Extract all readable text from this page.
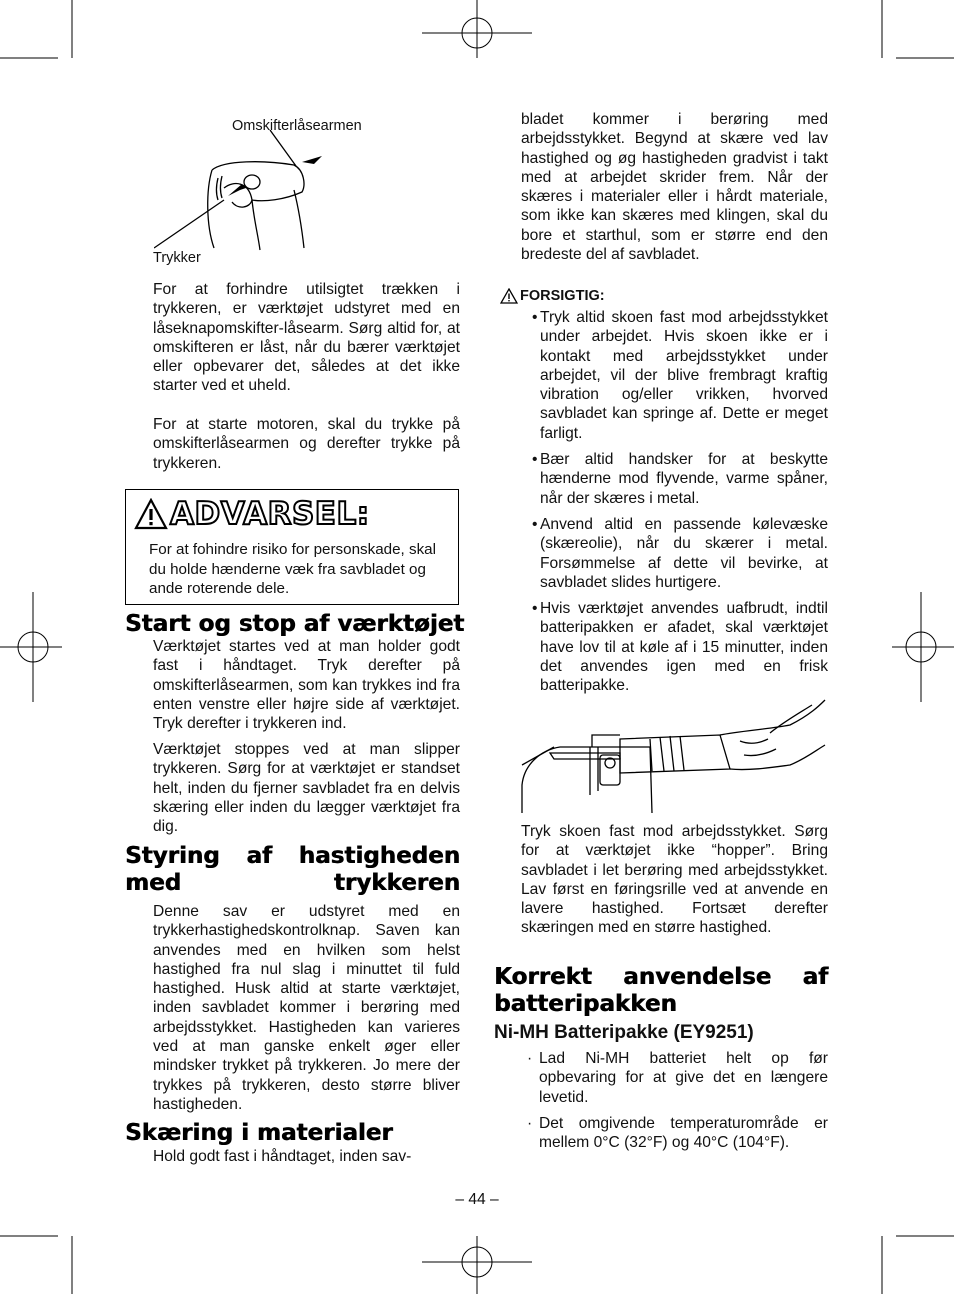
Omskifterlåsearmen
Trykker

For at forhindre utilsigtet trækken i trykkeren, er værktøjet udstyret med en låseknapomskifter-låsearm. Sørg altid for, at omskifteren er låst, når du bærer værktøjet eller opbevarer det, således at det ikke starter ved et uheld.

For at starte motoren, skal du trykke på omskifterlåsearmen og derefter trykke på trykkeren.

ADVARSEL:
For at fohindre risiko for personskade, skal du holde hænderne væk fra savbladet og ande roterende dele.
Start og stop af værktøjet

Værktøjet startes ved at man holder godt fast i håndtaget. Tryk derefter på omskifterlåsearmen, som kan trykkes ind fra enten venstre eller højre side af værktøjet. Tryk derefter i trykkeren ind.

Værktøjet stoppes ved at man slipper trykkeren. Sørg for at værktøjet er standset helt, inden du fjerner savbladet fra en delvis skæring eller inden du lægger værktøjet fra dig.

Styring af hastigheden med trykkeren

Denne sav er udstyret med en trykkerhastighedskontrolknap. Saven kan anvendes med en hvilken som helst hastighed fra nul slag i minuttet til fuld hastighed. Husk altid at starte værktøjet, inden savbladet kommer i berøring med arbejdsstykket. Hastigheden kan varieres ved at man ganske enkelt øger eller mindsker trykket på trykkeren. Jo mere der trykkes på trykkeren, desto større bliver hastigheden.

Skæring i materialer

Hold godt fast i håndtaget, inden sav-

bladet kommer i berøring med arbejdsstykket. Begynd at skære ved lav hastighed og øg hastigheden gradvist i takt med at arbejdet skrider frem. Når der skæres i materialer eller i hårdt materiale, som ikke kan skæres med klingen, skal du bore et starthul, som er større end den bredeste del af savbladet.

FORSIGTIG:
• Tryk altid skoen fast mod arbejdsstykket under arbejdet. Hvis skoen ikke er i kontakt med arbejdsstykket under arbejdet, vil der blive frembragt kraftig vibration og/eller vrikken, hvorved savbladet kan springe af. Dette er meget farligt.
• Bær altid handsker for at beskytte hænderne mod flyvende, varme spåner, når der skæres i metal.
• Anvend altid en passende kølevæske (skæreolie), når du skærer i metal. Forsømmelse af dette vil bevirke, at savbladet slides hurtigere.
• Hvis værktøjet anvendes uafbrudt, indtil batteripakken er afadet, skal værktøjet have lov til at køle af i 15 minutter, inden det anvendes igen med en frisk batteripakke.

Tryk skoen fast mod arbejdsstykket. Sørg for at værktøjet ikke “hopper”. Bring savbladet i let berøring med arbejdsstykket. Lav først en føringsrille ved at anvende en lavere hastighed. Fortsæt derefter skæringen med en større hastighed.

Korrekt anvendelse af batteripakken
Ni-MH Batteripakke (EY9251)
· Lad Ni-MH batteriet helt op før opbevaring for at give det en længere levetid.
· Det omgivende temperaturområde er mellem 0°C (32°F) og 40°C (104°F).
– 44 –
